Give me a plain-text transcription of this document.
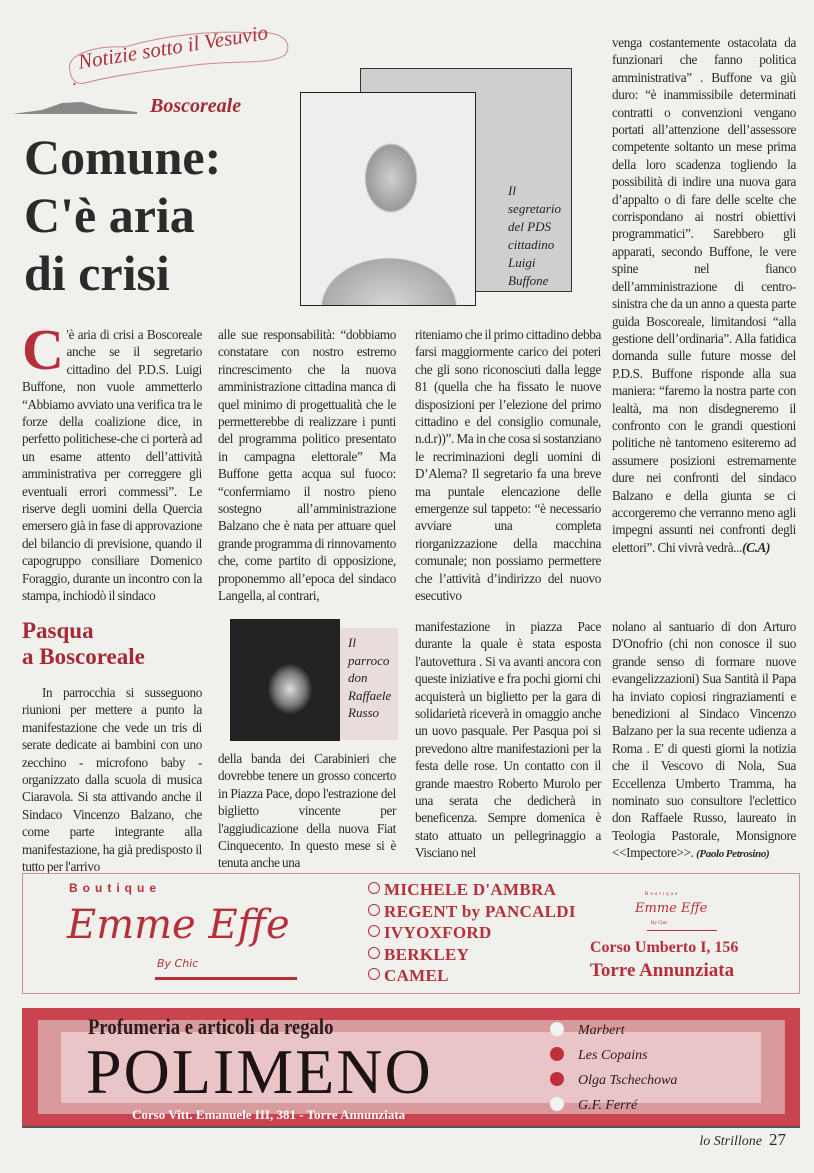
Notizie sotto il Vesuvio
Boscoreale
Comune:
C'è aria
di crisi
Il
segretario
del PDS
cittadino
Luigi
Buffone
C 'è aria di crisi a Boscoreale anche se il segretario cittadino del P.D.S. Luigi Buffone, non vuole ammetterlo “Abbiamo avviato una verifica tra le forze della coalizione dice, in perfetto politichese-che ci porterà ad un esame attento dell’attività amministrativa per correggere gli eventuali errori commessi”. Le riserve degli uomini della Quercia emersero già in fase di approvazione del bilancio di previsione, quando il capogruppo consiliare Domenico Foraggio, durante un incontro con la stampa, inchiodò il sindaco
alle sue responsabilità: “dobbiamo constatare con nostro estremo rincrescimento che la nuova amministrazione cittadina manca di quel minimo di progettualità che le permetterebbe di realizzare i punti del programma politico presentato in campagna elettorale” Ma Buffone getta acqua sul fuoco: “confermiamo il nostro pieno sostegno all’amministrazione Balzano che è nata per attuare quel grande programma di rinnovamento che, come partito di opposizione, proponemmo all’epoca del sindaco Langella, al contrari,
riteniamo che il primo cittadino debba farsi maggiormente carico dei poteri che gli sono riconosciuti dalla legge 81 (quella che ha fissato le nuove disposizioni per l’elezione del primo cittadino e del consiglio comunale, n.d.r))”. Ma in che cosa si sostanziano le recriminazioni degli uomini di D’Alema? Il segretario fa una breve ma puntale elencazione delle emergenze sul tappeto: “è necessario avviare una completa riorganizzazione della macchina comunale; non possiamo permettere che l’attività d’indirizzo del nuovo esecutivo
venga costantemente ostacolata da funzionari che fanno politica amministrativa” . Buffone va giù duro: “è inammissibile determinati contratti o convenzioni vengano portati all’attenzione dell’assessore competente soltanto un mese prima della loro scadenza togliendo la possibilità di indire una nuova gara d’appalto o di fare delle scelte che corrispondano ai nostri obiettivi programmatici”. Sarebbero gli apparati, secondo Buffone, le vere spine nel fianco dell’amministrazione di centro-sinistra che da un anno a questa parte guida Boscoreale, limitandosi “alla gestione dell’ordinaria”. Alla fatidica domanda sulle future mosse del P.D.S. Buffone risponde alla sua maniera: “faremo la nostra parte con lealtà, ma non disdegneremo il confronto con le grandi questioni politiche nè tantomeno esiteremo ad assumere posizioni estremamente dure nei confronti del sindaco Balzano e della giunta se ci accorgeremo che verranno meno agli impegni assunti nei confronti degli elettori”. Chi vivrà vedrà...(C.A)
Pasqua
a Boscoreale
In parrocchia si susseguono riunioni per mettere a punto la manifestazione che vede un tris di serate dedicate ai bambini con uno zecchino - microfono baby - organizzato dalla scuola di musica Ciaravola. Si sta attivando anche il Sindaco Vincenzo Balzano, che come parte integrante alla manifestazione, ha già predisposto il tutto per l'arrivo
Il
parroco
don
Raffaele
Russo
della banda dei Carabinieri che dovrebbe tenere un grosso concerto in Piazza Pace, dopo l'estrazione del biglietto vincente per l'aggiudicazione della nuova Fiat Cinquecento. In questo mese si è tenuta anche una
manifestazione in piazza Pace durante la quale è stata esposta l'autovettura . Si va avanti ancora con queste iniziative e fra pochi giorni chi acquisterà un biglietto per la gara di solidarietà riceverà in omaggio anche un uovo pasquale. Per Pasqua poi si prevedono altre manifestazioni per la festa delle rose. Un contatto con il grande maestro Roberto Murolo per una serata che dedicherà in beneficenza. Sempre domenica è stato attuato un pellegrinaggio a Visciano nel
nolano al santuario di don Arturo D'Onofrio (chi non conosce il suo grande senso di formare nuove evangelizzazioni) Sua Santità il Papa ha inviato copiosi ringraziamenti e benedizioni al Sindaco Vincenzo Balzano per la sua recente udienza a Roma . E' di questi giorni la notizia che il Vescovo di Nola, Sua Eccellenza Umberto Tramma, ha nominato suo consultore l'eclettico don Raffaele Russo, laureato in Teologia Pastorale, Monsignore <<Impectore>>. (Paolo Petrosino)
Boutique
Emme Effe
By Chic
MICHELE D'AMBRA
REGENT by PANCALDI
IVYOXFORD
BERKLEY
CAMEL
Boutique
Emme Effe
By Chic
Corso Umberto I, 156
Torre Annunziata
Profumeria e articoli da regalo
POLIMENO
Corso Vitt. Emanuele III, 381 - Torre Annunziata
Marbert
Les Copains
Olga Tschechowa
G.F. Ferré
lo Strillone 27
